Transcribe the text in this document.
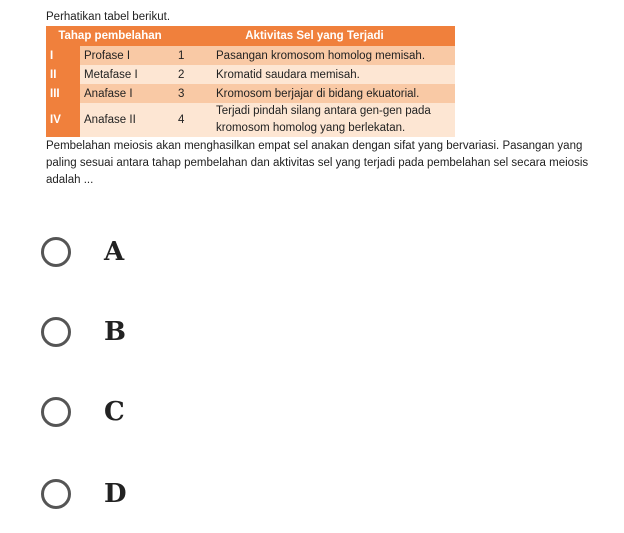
Perhatikan tabel berikut.

Tahap pembelahan		Aktivitas Sel yang Terjadi	
I	Profase I	1	Pasangan kromosom homolog memisah.
II	Metafase I	2	Kromatid saudara memisah.
III	Anafase I	3	Kromosom berjajar di bidang ekuatorial.
IV	Anafase II	4	Terjadi pindah silang antara gen-gen pada kromosom homolog yang berlekatan.

Pembelahan meiosis akan menghasilkan empat sel anakan dengan sifat yang bervariasi. Pasangan yang paling sesuai antara tahap pembelahan dan aktivitas sel yang terjadi pada pembelahan sel secara meiosis adalah ...

A
B
C
D
